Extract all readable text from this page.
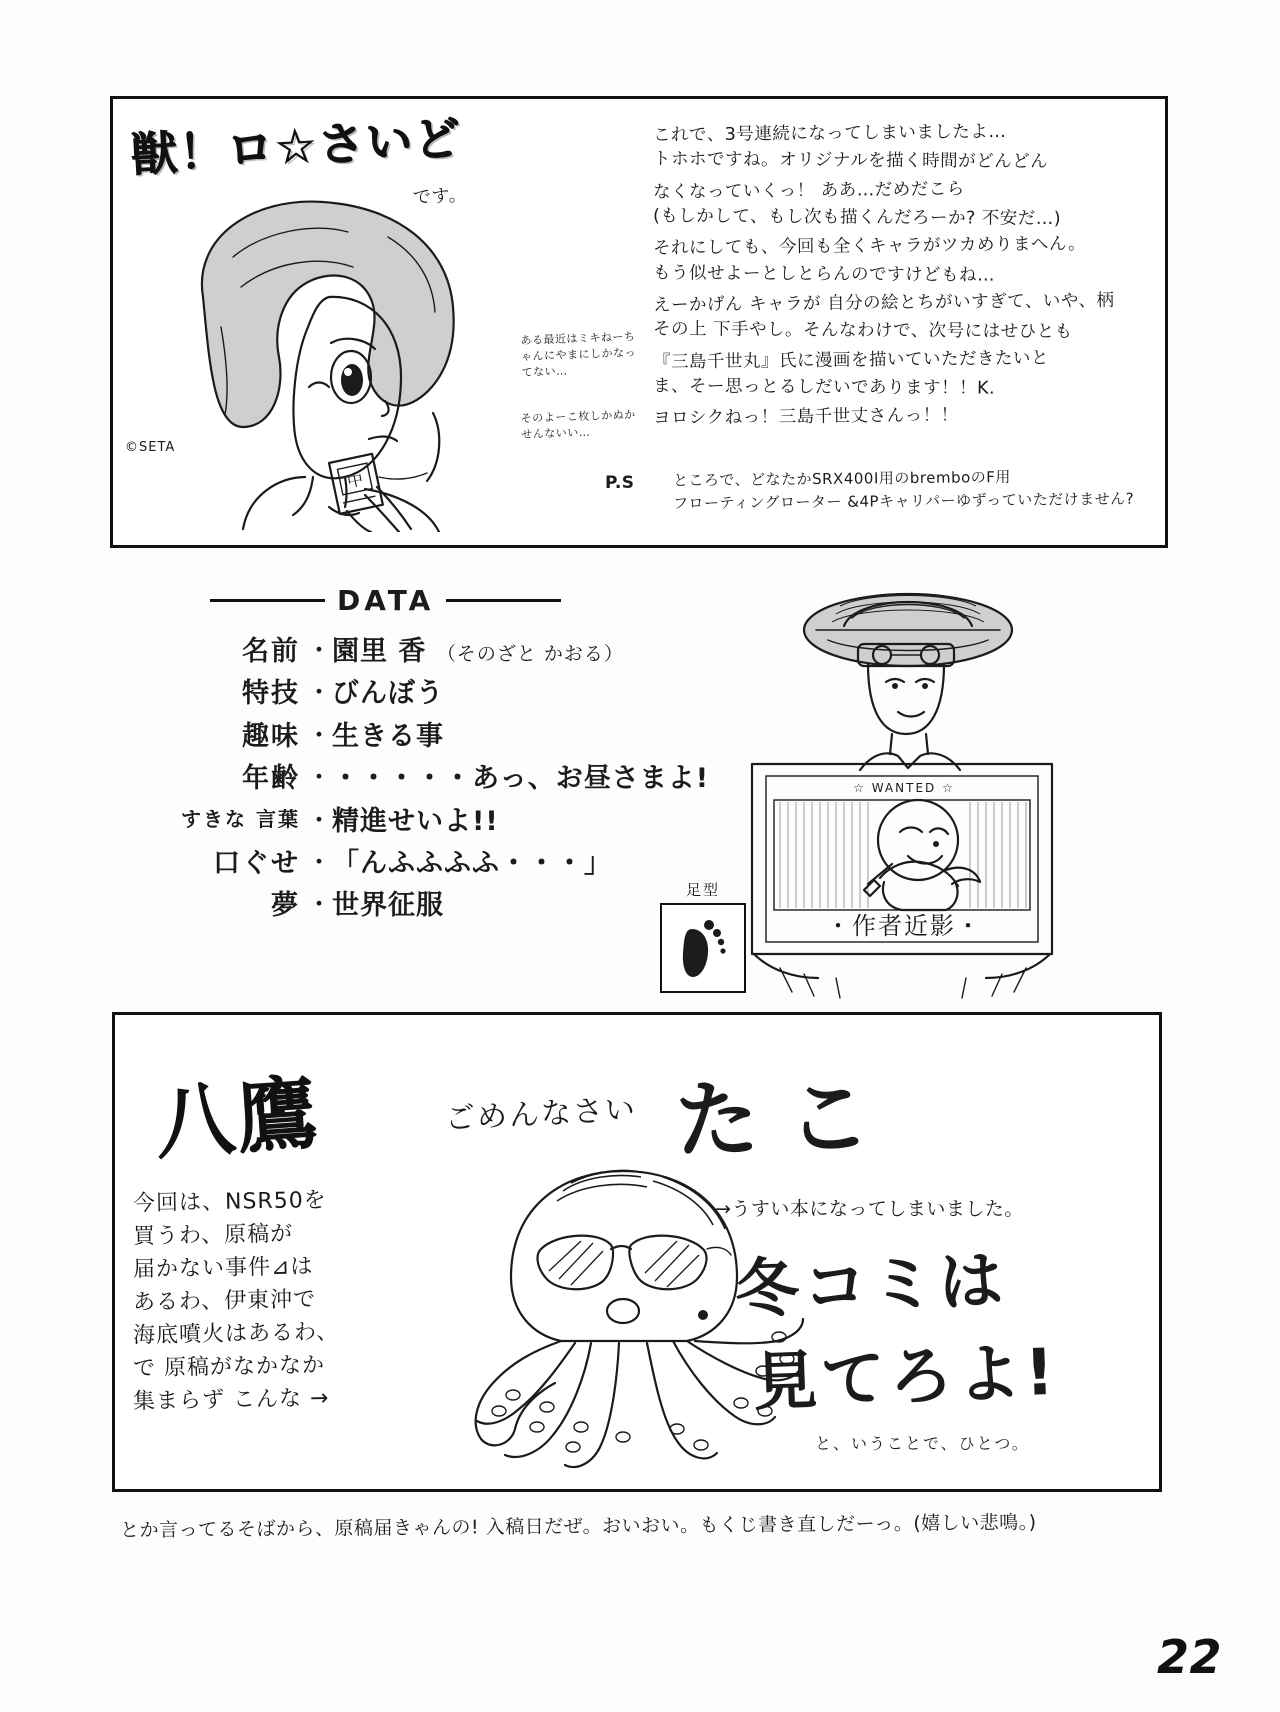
獣！ロ☆さいど
です。
中
©SETA
ある最近はミキねーちゃんにやまにしかなってない…
そのよーこ枚しかぬかせんないい…
これで、3号連続になってしまいましたよ…
トホホですね。オリジナルを描く時間がどんどん
なくなっていくっ！ ああ…だめだこら
(もしかして、もし次も描くんだろーか? 不安だ…)
それにしても、今回も全くキャラがツカめりまへん。
もう似せよーとしとらんのですけどもね…
えーかげん キャラが 自分の絵とちがいすぎて、いや、柄
その上 下手やし。そんなわけで、次号にはせひとも
『三島千世丸』氏に漫画を描いていただきたいと
ま、そー思っとるしだいであります！！K.
ヨロシクねっ！三島千世丈さんっ！！
P.S	ところで、どなたかSRX400I用のbremboのF用
フローティングローター &4Pキャリパーゆずっていただけません?
DATA
名前 ・ 園里 香 （そのざと かおる）
特技 ・ びんぼう
趣味 ・ 生きる事
年齢 ・ ・・・・・あっ、お昼さまよ!
すきな 言葉 ・ 精進せいよ!!
口ぐせ ・ 「んふふふふ・・・」
夢 ・ 世界征服
足型
☆ WANTED ☆
・作者近影・
八鷹	ごめんなさい たこ
→うすい本になってしまいました。
冬コミは
見てろよ!
と、いうことで、ひとつ。
今回は、NSR50を
買うわ、原稿が
届かない事件⊿は
あるわ、伊東沖で
海底噴火はあるわ、
で 原稿がなかなか
集まらず こんな →
とか言ってるそばから、原稿届きゃんの! 入稿日だぜ。おいおい。もくじ書き直しだーっ。(嬉しい悲鳴。)
22
